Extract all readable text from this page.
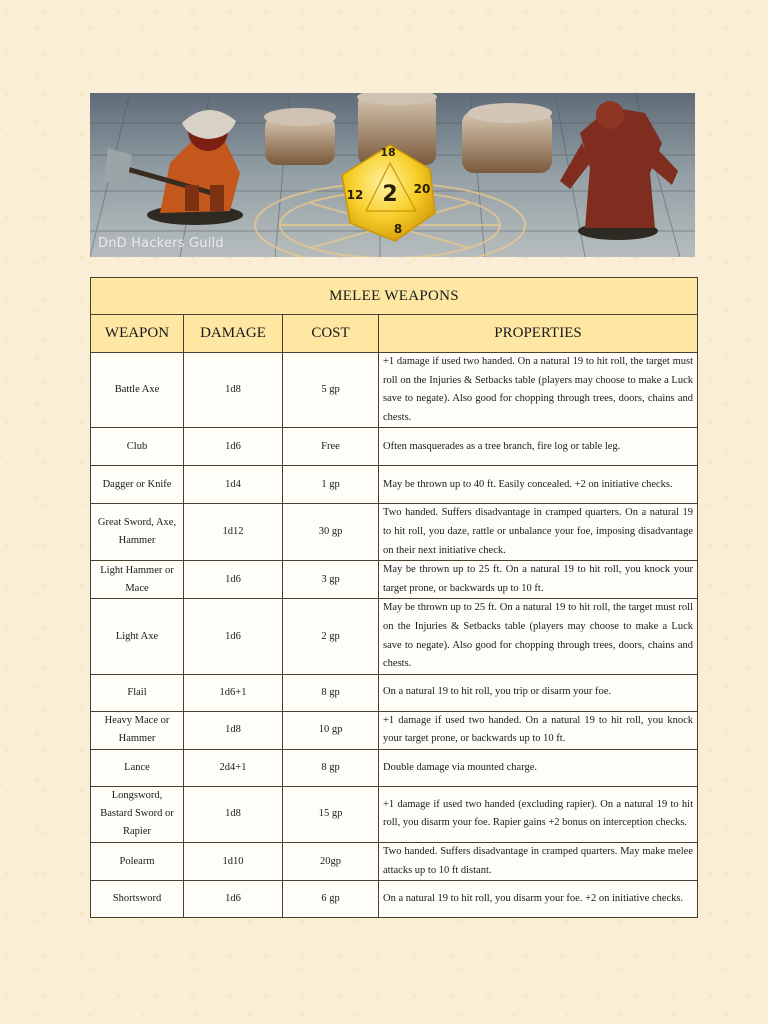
18
2 20
12
8
DnD Hackers Guild
MELEE WEAPONS			
WEAPON	DAMAGE	COST	PROPERTIES
Battle Axe	1d8	5 gp	+1 damage if used two handed. On a natural 19 to hit roll, the target must roll on the Injuries & Setbacks table (players may choose to make a Luck save to negate). Also good for chopping through trees, doors, chains and chests.
Club	1d6	Free	Often masquerades as a tree branch, fire log or table leg.
Dagger or Knife	1d4	1 gp	May be thrown up to 40 ft. Easily concealed. +2 on initiative checks.
Great Sword, Axe, Hammer	1d12	30 gp	Two handed. Suffers disadvantage in cramped quarters. On a natural 19 to hit roll, you daze, rattle or unbalance your foe, imposing disadvantage on their next initiative check.
Light Hammer or Mace	1d6	3 gp	May be thrown up to 25 ft. On a natural 19 to hit roll, you knock your target prone, or backwards up to 10 ft.
Light Axe	1d6	2 gp	May be thrown up to 25 ft. On a natural 19 to hit roll, the target must roll on the Injuries & Setbacks table (players may choose to make a Luck save to negate). Also good for chopping through trees, doors, chains and chests.
Flail	1d6+1	8 gp	On a natural 19 to hit roll, you trip or disarm your foe.
Heavy Mace or Hammer	1d8	10 gp	+1 damage if used two handed. On a natural 19 to hit roll, you knock your target prone, or backwards up to 10 ft.
Lance	2d4+1	8 gp	Double damage via mounted charge.
Longsword, Bastard Sword or Rapier	1d8	15 gp	+1 damage if used two handed (excluding rapier). On a natural 19 to hit roll, you disarm your foe. Rapier gains +2 bonus on interception checks.
Polearm	1d10	20gp	Two handed. Suffers disadvantage in cramped quarters. May make melee attacks up to 10 ft distant.
Shortsword	1d6	6 gp	On a natural 19 to hit roll, you disarm your foe. +2 on initiative checks.
